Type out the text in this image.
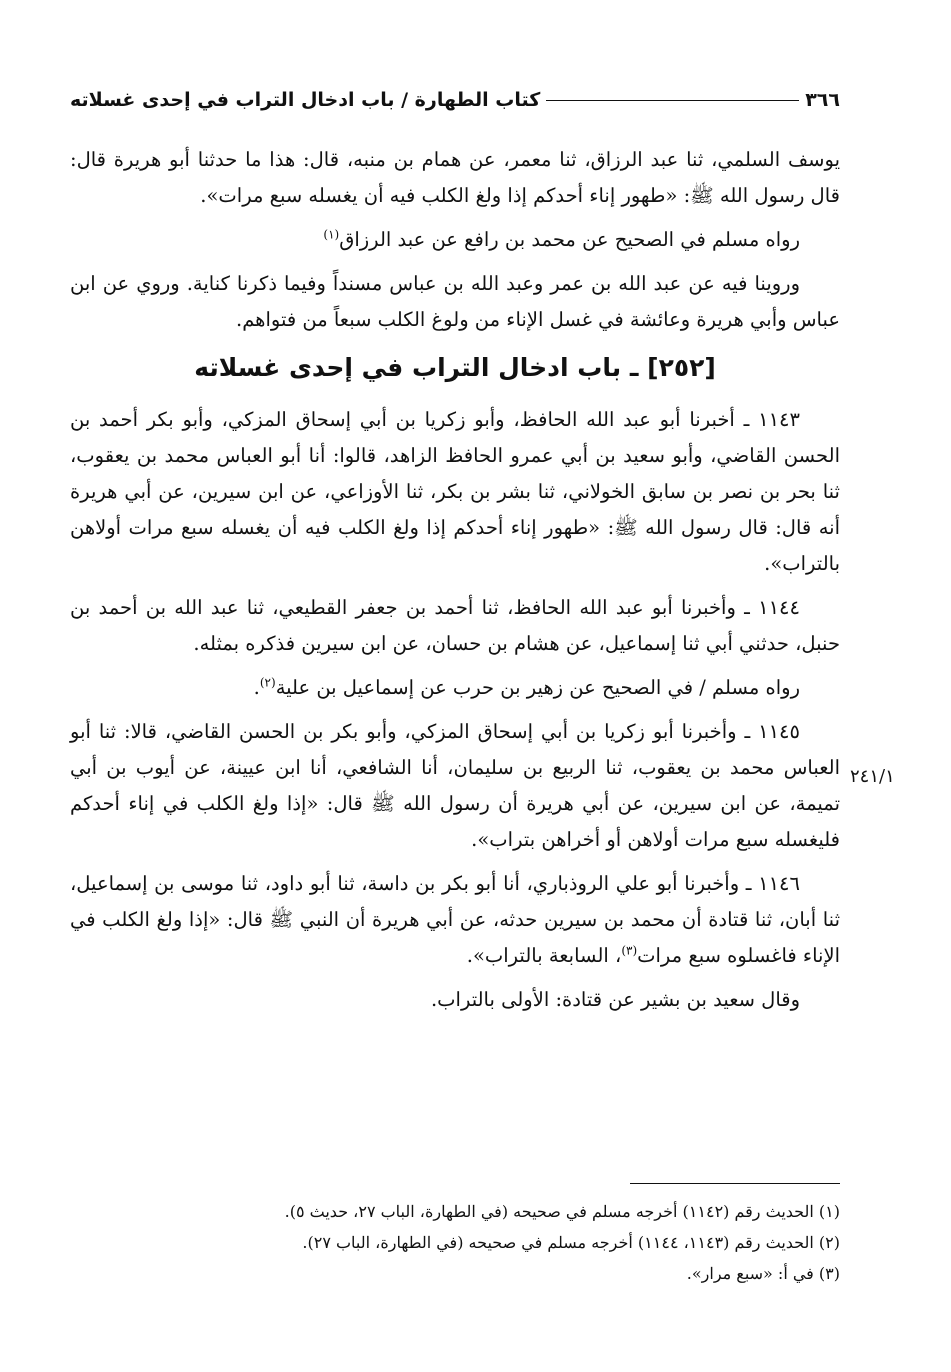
٣٦٦
كتاب الطهارة / باب ادخال التراب في إحدى غسلاته

يوسف السلمي، ثنا عبد الرزاق، ثنا معمر، عن همام بن منبه، قال: هذا ما حدثنا أبو هريرة قال: قال رسول الله ﷺ: «طهور إناء أحدكم إذا ولغ الكلب فيه أن يغسله سبع مرات».

رواه مسلم في الصحيح عن محمد بن رافع عن عبد الرزاق$^{(١)}$

وروينا فيه عن عبد الله بن عمر وعبد الله بن عباس مسنداً وفيما ذكرنا كناية. وروي عن ابن عباس وأبي هريرة وعائشة في غسل الإناء من ولوغ الكلب سبعاً من فتواهم.

[٢٥٢] ـ باب ادخال التراب في إحدى غسلاته

١١٤٣ ـ أخبرنا أبو عبد الله الحافظ، وأبو زكريا بن أبي إسحاق المزكي، وأبو بكر أحمد بن الحسن القاضي، وأبو سعيد بن أبي عمرو الحافظ الزاهد، قالوا: أنا أبو العباس محمد بن يعقوب، ثنا بحر بن نصر بن سابق الخولاني، ثنا بشر بن بكر، ثنا الأوزاعي، عن ابن سيرين، عن أبي هريرة أنه قال: قال رسول الله ﷺ: «طهور إناء أحدكم إذا ولغ الكلب فيه أن يغسله سبع مرات أولاهن بالتراب».

١١٤٤ ـ وأخبرنا أبو عبد الله الحافظ، ثنا أحمد بن جعفر القطيعي، ثنا عبد الله بن أحمد بن حنبل، حدثني أبي ثنا إسماعيل، عن هشام بن حسان، عن ابن سيرين فذكره بمثله.

رواه مسلم / في الصحيح عن زهير بن حرب عن إسماعيل بن علية$^{(٢)}$.

١١٤٥ ـ وأخبرنا أبو زكريا بن أبي إسحاق المزكي، وأبو بكر بن الحسن القاضي، قالا: ثنا أبو العباس محمد بن يعقوب، ثنا الربيع بن سليمان، أنا الشافعي، أنا ابن عيينة، عن أيوب بن أبي تميمة، عن ابن سيرين، عن أبي هريرة أن رسول الله ﷺ قال: «إذا ولغ الكلب في إناء أحدكم فليغسله سبع مرات أولاهن أو أخراهن بتراب».

١١٤٦ ـ وأخبرنا أبو علي الروذباري، أنا أبو بكر بن داسة، ثنا أبو داود، ثنا موسى بن إسماعيل، ثنا أبان، ثنا قتادة أن محمد بن سيرين حدثه، عن أبي هريرة أن النبي ﷺ قال: «إذا ولغ الكلب في الإناء فاغسلوه سبع مرات$^{(٣)}$، السابعة بالتراب».

وقال سعيد بن بشير عن قتادة: الأولى بالتراب.

٢٤١/١

(١) الحديث رقم (١١٤٢) أخرجه مسلم في صحيحه (في الطهارة، الباب ٢٧، حديث ٥).

(٢) الحديث رقم (١١٤٣، ١١٤٤) أخرجه مسلم في صحيحه (في الطهارة، الباب ٢٧).

(٣) في أ: «سبع مرار».
